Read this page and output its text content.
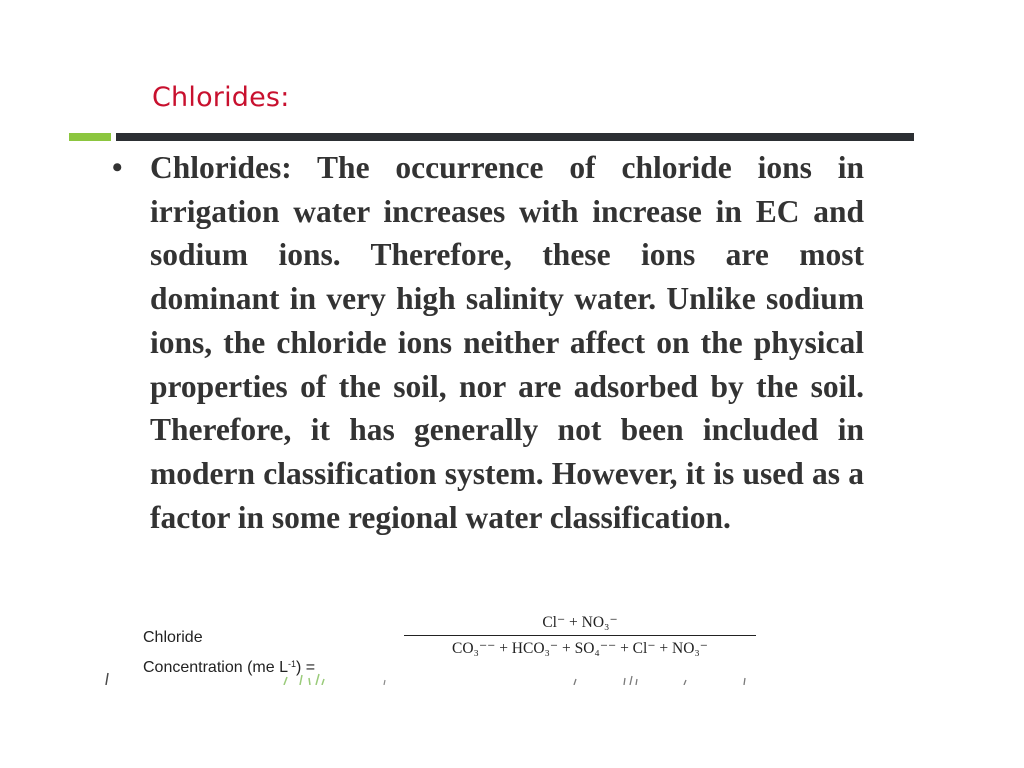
Chlorides:
• Chlorides: The occurrence of chloride ions in irrigation water increases with increase in EC and sodium ions. Therefore, these ions are most dominant in very high salinity water. Unlike sodium ions, the chloride ions neither affect on the physical properties of the soil, nor are adsorbed by the soil. Therefore, it has generally not been included in modern classification system. However, it is used as a factor in some regional water classification.

Chloride
Concentration (me $L^{-1}$) =
Cl⁻ + NO₃⁻
CO₃⁻⁻ + HCO₃⁻ + SO₄⁻⁻ + Cl⁻ + NO₃⁻
